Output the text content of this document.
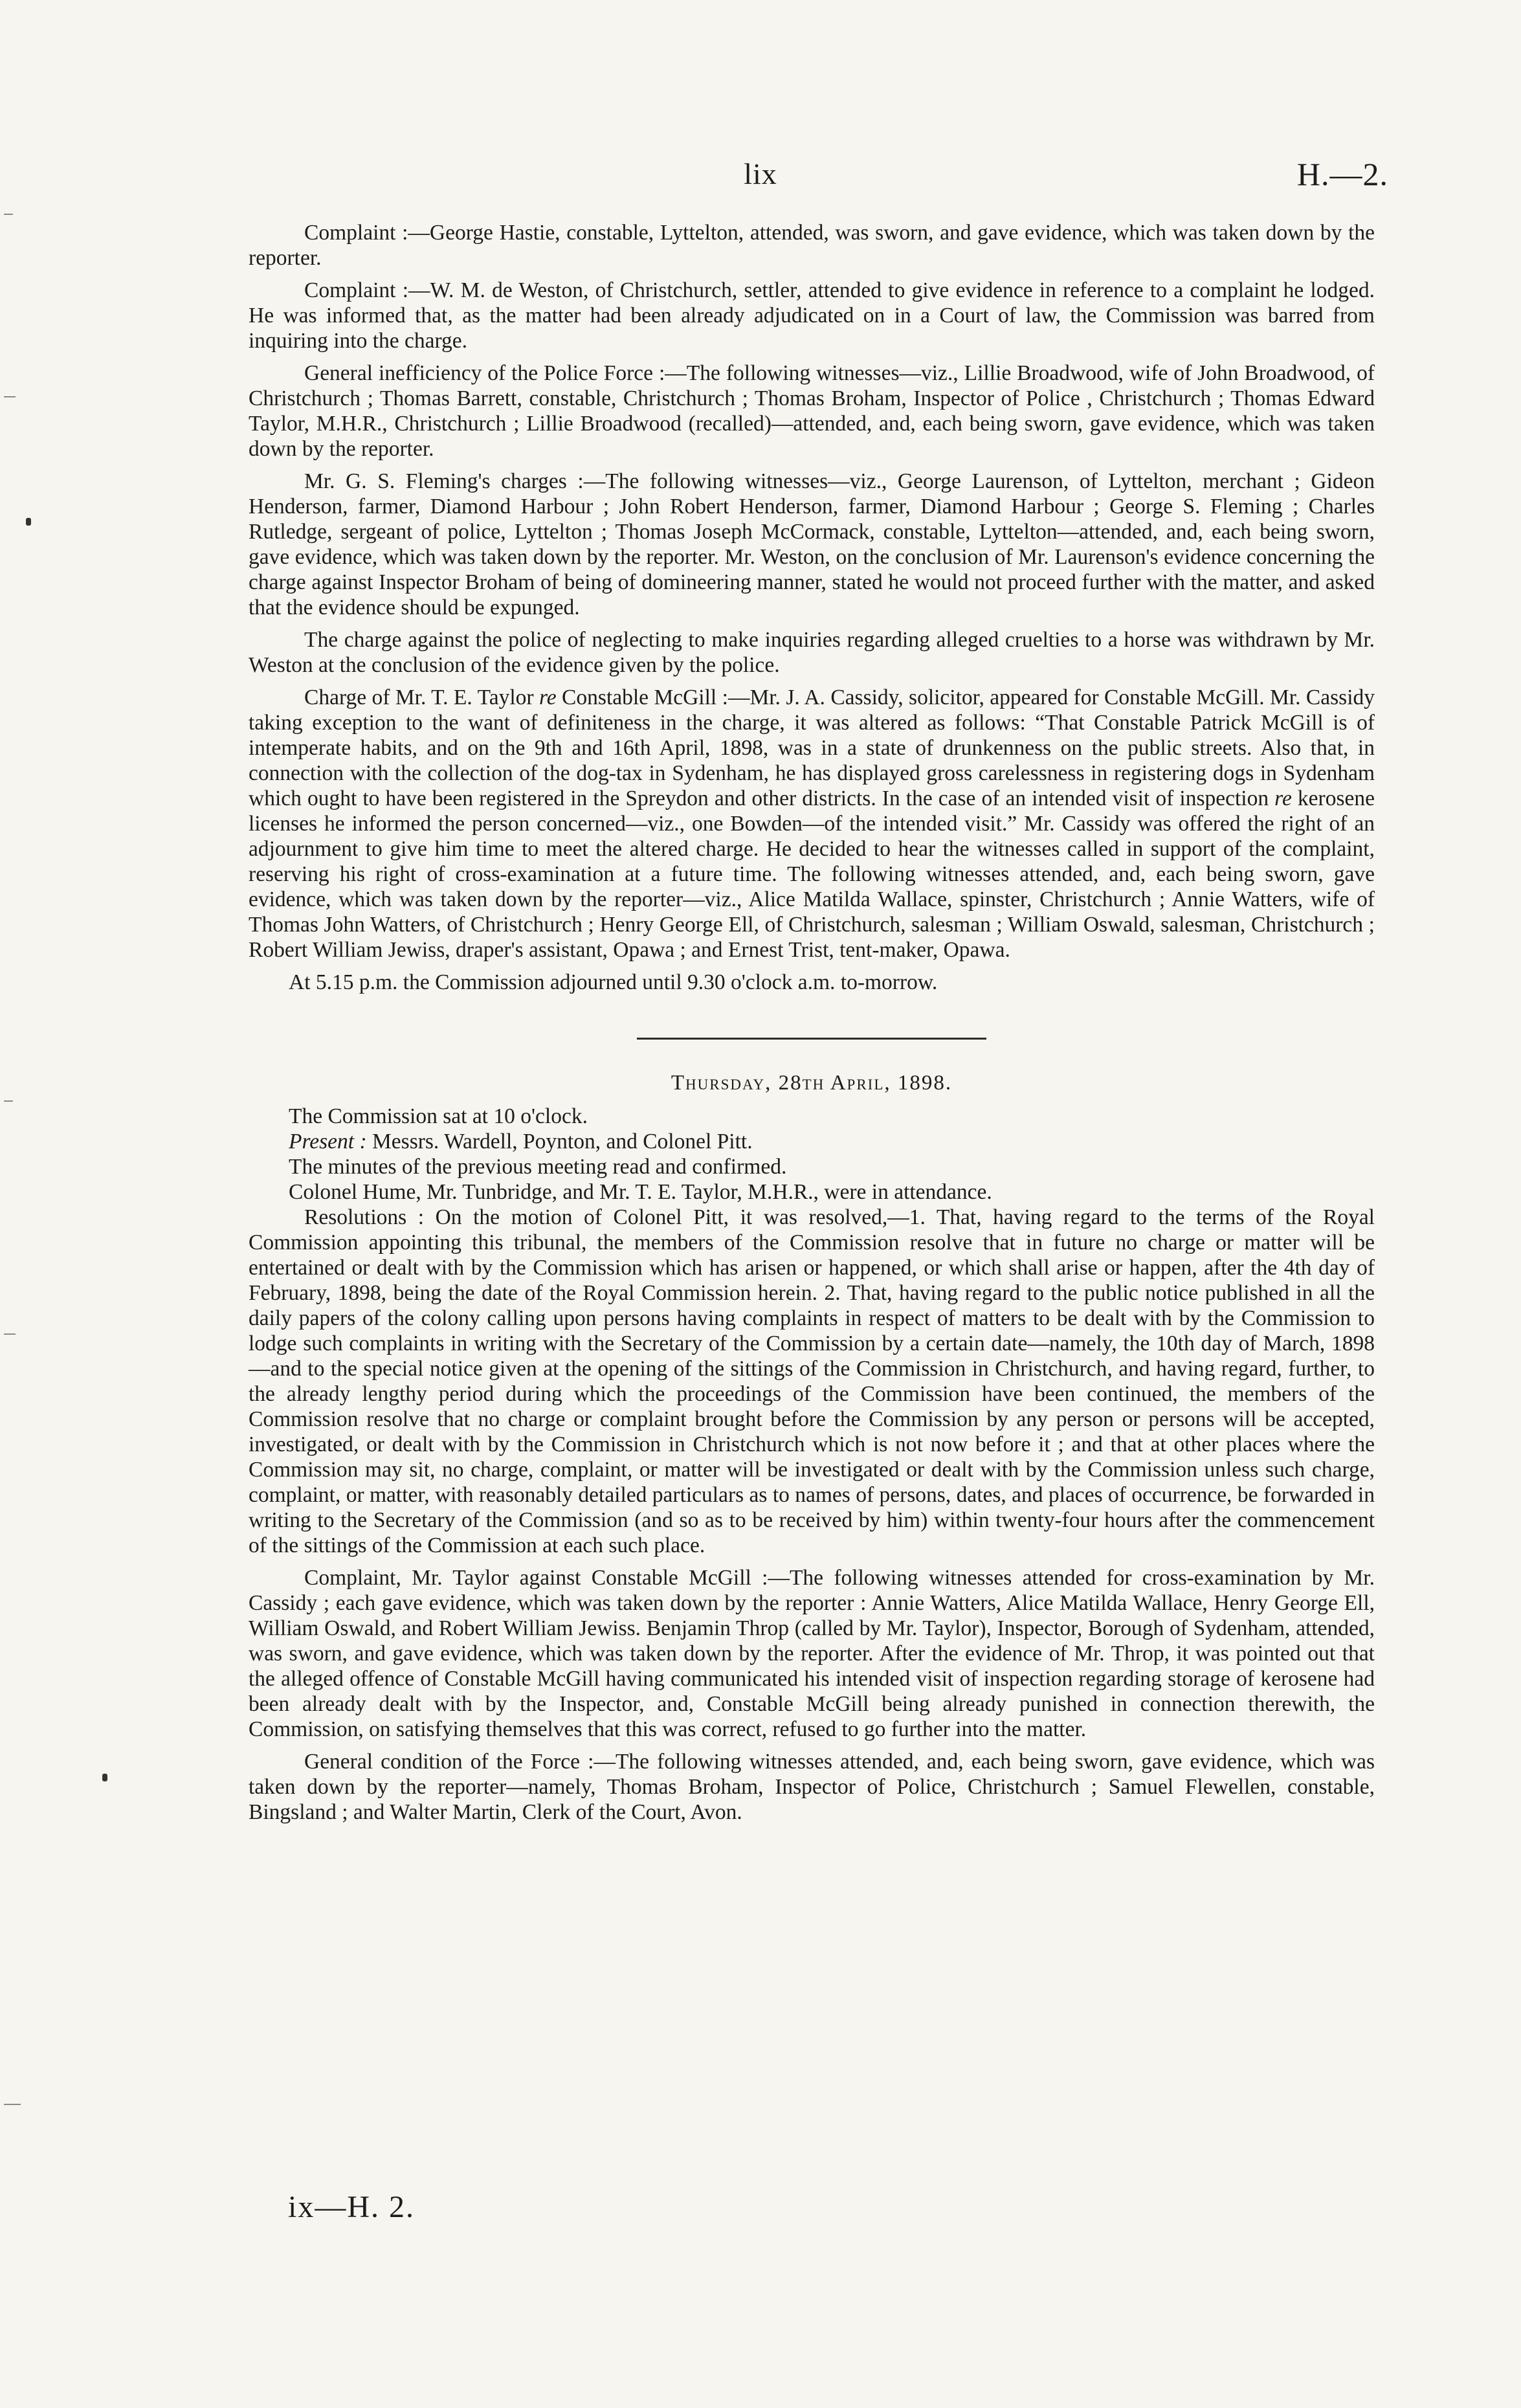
lix	H.—2.

Complaint :—George Hastie, constable, Lyttelton, attended, was sworn, and gave evidence, which was taken down by the reporter.

Complaint :—W. M. de Weston, of Christchurch, settler, attended to give evidence in reference to a complaint he lodged. He was informed that, as the matter had been already adjudicated on in a Court of law, the Commission was barred from inquiring into the charge.

General inefficiency of the Police Force :—The following witnesses—viz., Lillie Broadwood, wife of John Broadwood, of Christchurch ; Thomas Barrett, constable, Christchurch ; Thomas Broham, Inspector of Police , Christchurch ; Thomas Edward Taylor, M.H.R., Christchurch ; Lillie Broadwood (recalled)—attended, and, each being sworn, gave evidence, which was taken down by the reporter.

Mr. G. S. Fleming's charges :—The following witnesses—viz., George Laurenson, of Lyttelton, merchant ; Gideon Henderson, farmer, Diamond Harbour ; John Robert Henderson, farmer, Diamond Harbour ; George S. Fleming ; Charles Rutledge, sergeant of police, Lyttelton ; Thomas Joseph McCormack, constable, Lyttelton—attended, and, each being sworn, gave evidence, which was taken down by the reporter. Mr. Weston, on the conclusion of Mr. Laurenson's evidence concerning the charge against Inspector Broham of being of domineering manner, stated he would not proceed further with the matter, and asked that the evidence should be expunged.

The charge against the police of neglecting to make inquiries regarding alleged cruelties to a horse was withdrawn by Mr. Weston at the conclusion of the evidence given by the police.

Charge of Mr. T. E. Taylor re Constable McGill :—Mr. J. A. Cassidy, solicitor, appeared for Constable McGill. Mr. Cassidy taking exception to the want of definiteness in the charge, it was altered as follows: “That Constable Patrick McGill is of intemperate habits, and on the 9th and 16th April, 1898, was in a state of drunkenness on the public streets. Also that, in connection with the collection of the dog-tax in Sydenham, he has displayed gross carelessness in registering dogs in Sydenham which ought to have been registered in the Spreydon and other districts. In the case of an intended visit of inspection re kerosene licenses he informed the person concerned—viz., one Bowden—of the intended visit.” Mr. Cassidy was offered the right of an adjournment to give him time to meet the altered charge. He decided to hear the witnesses called in support of the complaint, reserving his right of cross-examination at a future time. The following witnesses attended, and, each being sworn, gave evidence, which was taken down by the reporter—viz., Alice Matilda Wallace, spinster, Christchurch ; Annie Watters, wife of Thomas John Watters, of Christchurch ; Henry George Ell, of Christchurch, salesman ; William Oswald, salesman, Christchurch ; Robert William Jewiss, draper's assistant, Opawa ; and Ernest Trist, tent-maker, Opawa.

At 5.15 p.m. the Commission adjourned until 9.30 o'clock a.m. to-morrow.

Thursday, 28th April, 1898.

The Commission sat at 10 o'clock.

Present : Messrs. Wardell, Poynton, and Colonel Pitt.

The minutes of the previous meeting read and confirmed.

Colonel Hume, Mr. Tunbridge, and Mr. T. E. Taylor, M.H.R., were in attendance.

Resolutions : On the motion of Colonel Pitt, it was resolved,—1. That, having regard to the terms of the Royal Commission appointing this tribunal, the members of the Commission resolve that in future no charge or matter will be entertained or dealt with by the Commission which has arisen or happened, or which shall arise or happen, after the 4th day of February, 1898, being the date of the Royal Commission herein. 2. That, having regard to the public notice published in all the daily papers of the colony calling upon persons having complaints in respect of matters to be dealt with by the Commission to lodge such complaints in writing with the Secretary of the Commission by a certain date—namely, the 10th day of March, 1898—and to the special notice given at the opening of the sittings of the Commission in Christchurch, and having regard, further, to the already lengthy period during which the proceedings of the Commission have been continued, the members of the Commission resolve that no charge or complaint brought before the Commission by any person or persons will be accepted, investigated, or dealt with by the Commission in Christchurch which is not now before it ; and that at other places where the Commission may sit, no charge, complaint, or matter will be investigated or dealt with by the Commission unless such charge, complaint, or matter, with reasonably detailed particulars as to names of persons, dates, and places of occurrence, be forwarded in writing to the Secretary of the Commission (and so as to be received by him) within twenty-four hours after the commencement of the sittings of the Commission at each such place.

Complaint, Mr. Taylor against Constable McGill :—The following witnesses attended for cross-examination by Mr. Cassidy ; each gave evidence, which was taken down by the reporter : Annie Watters, Alice Matilda Wallace, Henry George Ell, William Oswald, and Robert William Jewiss. Benjamin Throp (called by Mr. Taylor), Inspector, Borough of Sydenham, attended, was sworn, and gave evidence, which was taken down by the reporter. After the evidence of Mr. Throp, it was pointed out that the alleged offence of Constable McGill having communicated his intended visit of inspection regarding storage of kerosene had been already dealt with by the Inspector, and, Constable McGill being already punished in connection therewith, the Commission, on satisfying themselves that this was correct, refused to go further into the matter.

General condition of the Force :—The following witnesses attended, and, each being sworn, gave evidence, which was taken down by the reporter—namely, Thomas Broham, Inspector of Police, Christchurch ; Samuel Flewellen, constable, Bingsland ; and Walter Martin, Clerk of the Court, Avon.

ix—H. 2.
